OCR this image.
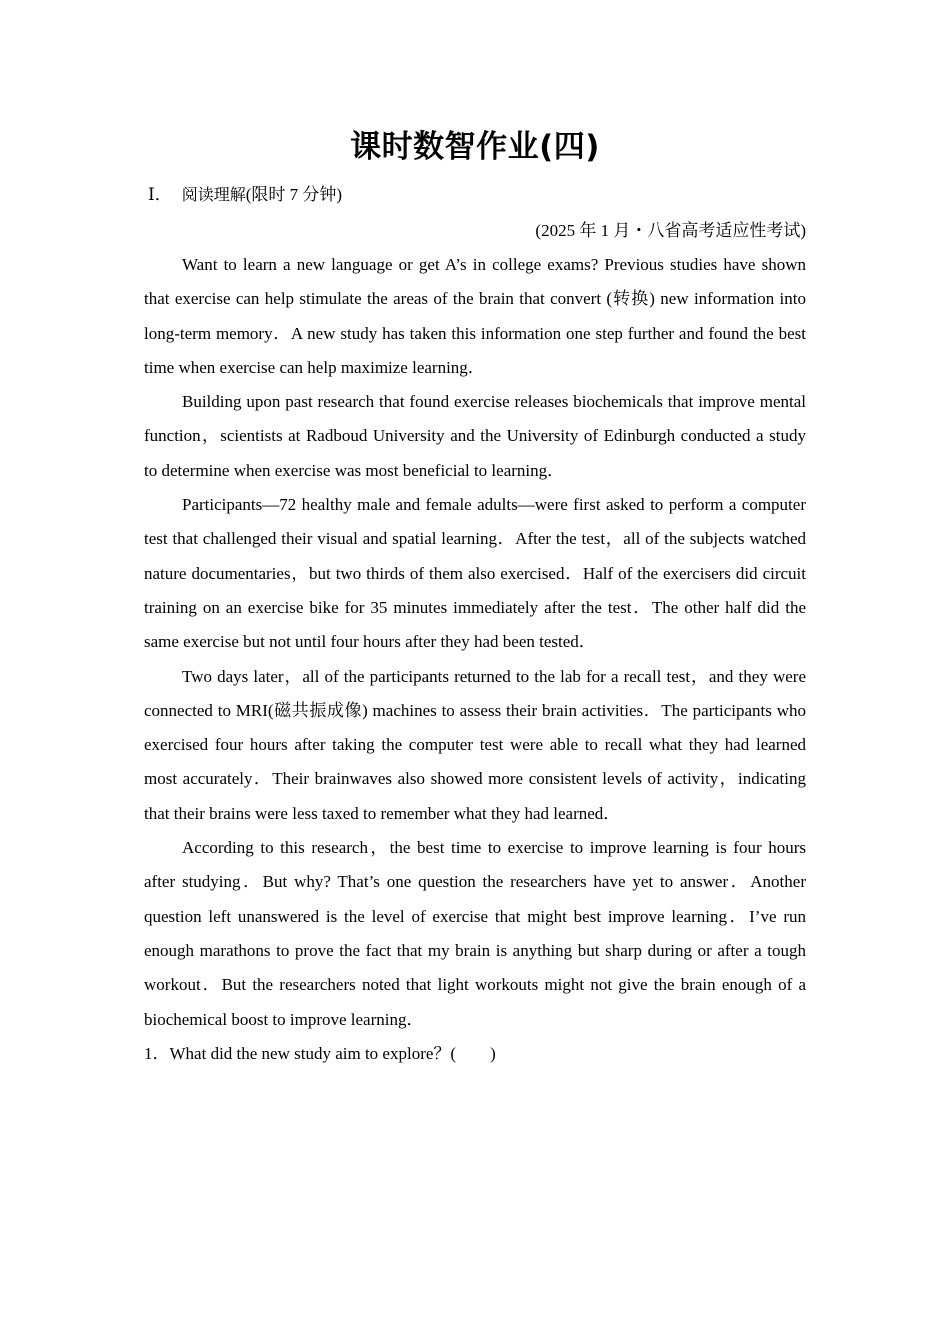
课时数智作业(四)

Ⅰ． 阅读理解(限时 7 分钟)

(2025 年 1 月・八省高考适应性考试)

Want to learn a new language or get A’s in college exams? Previous studies have shown that exercise can help stimulate the areas of the brain that convert (转换) new information into long-term memory．A new study has taken this information one step further and found the best time when exercise can help maximize learning．

Building upon past research that found exercise releases biochemicals that improve mental function，scientists at Radboud University and the University of Edinburgh conducted a study to determine when exercise was most beneficial to learning．

Participants—72 healthy male and female adults—were first asked to perform a computer test that challenged their visual and spatial learning．After the test，all of the subjects watched nature documentaries，but two thirds of them also exercised．Half of the exercisers did circuit training on an exercise bike for 35 minutes immediately after the test．The other half did the same exercise but not until four hours after they had been tested．

Two days later，all of the participants returned to the lab for a recall test，and they were connected to MRI(磁共振成像) machines to assess their brain activities．The participants who exercised four hours after taking the computer test were able to recall what they had learned most accurately．Their brainwaves also showed more consistent levels of activity，indicating that their brains were less taxed to remember what they had learned．

According to this research，the best time to exercise to improve learning is four hours after studying．But why? That’s one question the researchers have yet to answer．Another question left unanswered is the level of exercise that might best improve learning．I’ve run enough marathons to prove the fact that my brain is anything but sharp during or after a tough workout．But the researchers noted that light workouts might not give the brain enough of a biochemical boost to improve learning．

1．What did the new study aim to explore？(　　)
